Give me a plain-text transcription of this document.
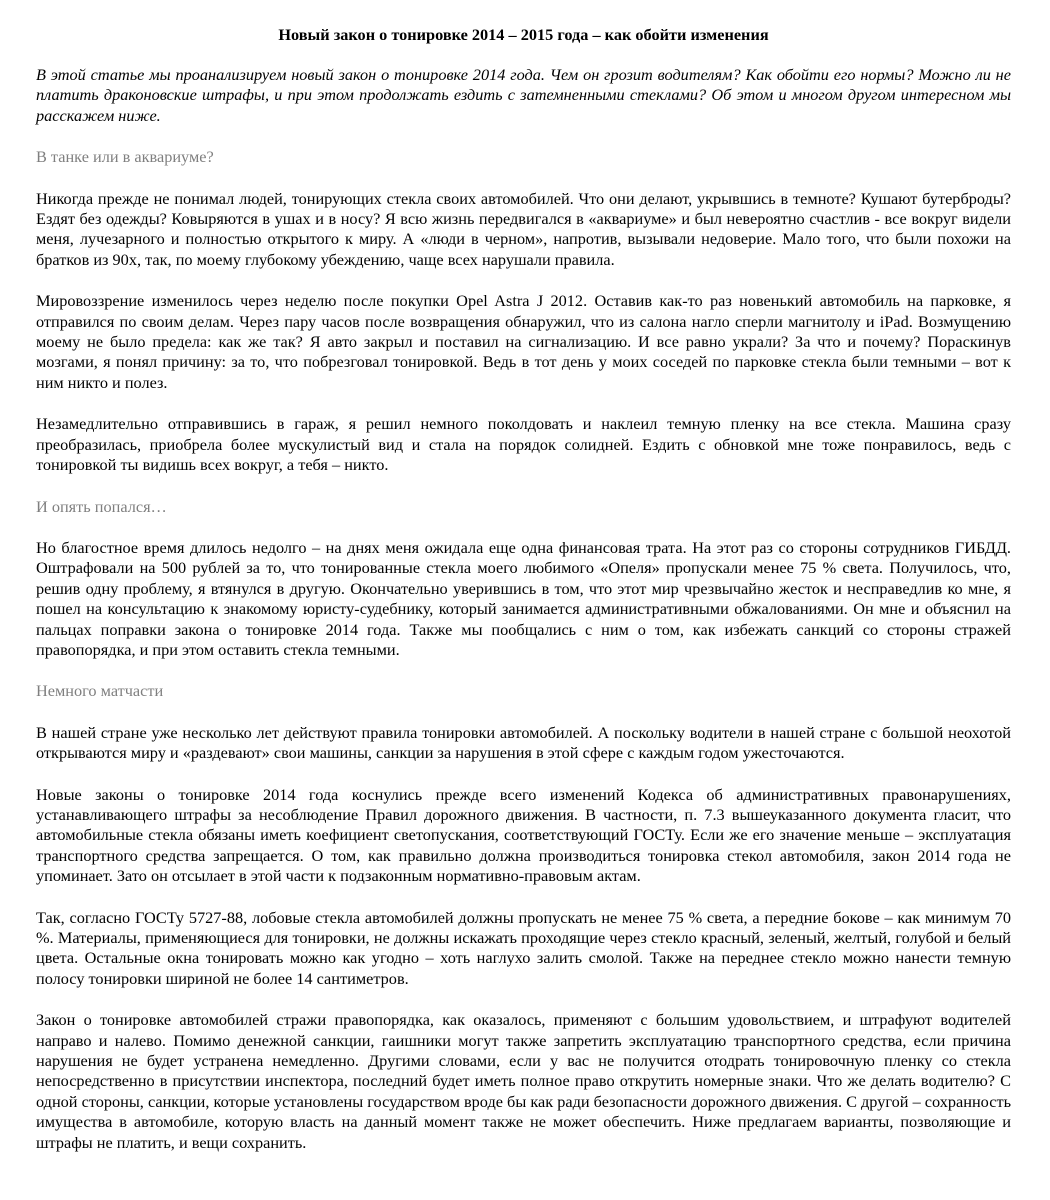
Новый закон о тонировке 2014 – 2015 года – как обойти изменения

В этой статье мы проанализируем новый закон о тонировке 2014 года. Чем он грозит водителям? Как обойти его нормы? Можно ли не платить драконовские штрафы, и при этом продолжать ездить с затемненными стеклами? Об этом и многом другом интересном мы расскажем ниже.

В танке или в аквариуме?

Никогда прежде не понимал людей, тонирующих стекла своих автомобилей. Что они делают, укрывшись в темноте? Кушают бутерброды? Ездят без одежды? Ковыряются в ушах и в носу? Я всю жизнь передвигался в «аквариуме» и был невероятно счастлив - все вокруг видели меня, лучезарного и полностью открытого к миру. А «люди в черном», напротив, вызывали недоверие. Мало того, что были похожи на братков из 90х, так, по моему глубокому убеждению, чаще всех нарушали правила.

Мировоззрение изменилось через неделю после покупки Opel Astra J 2012. Оставив как-то раз новенький автомобиль на парковке, я отправился по своим делам. Через пару часов после возвращения обнаружил, что из салона нагло сперли магнитолу и iPad. Возмущению моему не было предела: как же так? Я авто закрыл и поставил на сигнализацию. И все равно украли? За что и почему? Пораскинув мозгами, я понял причину: за то, что побрезговал тонировкой. Ведь в тот день у моих соседей по парковке стекла были темными – вот к ним никто и полез.

Незамедлительно отправившись в гараж, я решил немного поколдовать и наклеил темную пленку на все стекла. Машина сразу преобразилась, приобрела более мускулистый вид и стала на порядок солидней. Ездить с обновкой мне тоже понравилось, ведь с тонировкой ты видишь всех вокруг, а тебя – никто.

И опять попался…

Но благостное время длилось недолго – на днях меня ожидала еще одна финансовая трата. На этот раз со стороны сотрудников ГИБДД. Оштрафовали на 500 рублей за то, что тонированные стекла моего любимого «Опеля» пропускали менее 75 % света. Получилось, что, решив одну проблему, я втянулся в другую. Окончательно уверившись в том, что этот мир чрезвычайно жесток и несправедлив ко мне, я пошел на консультацию к знакомому юристу-судебнику, который занимается административными обжалованиями. Он мне и объяснил на пальцах поправки закона о тонировке 2014 года. Также мы пообщались с ним о том, как избежать санкций со стороны стражей правопорядка, и при этом оставить стекла темными.

Немного матчасти

В нашей стране уже несколько лет действуют правила тонировки автомобилей. А поскольку водители в нашей стране с большой неохотой открываются миру и «раздевают» свои машины, санкции за нарушения в этой сфере с каждым годом ужесточаются.

Новые законы о тонировке 2014 года коснулись прежде всего изменений Кодекса об административных правонарушениях, устанавливающего штрафы за несоблюдение Правил дорожного движения. В частности, п. 7.3 вышеуказанного документа гласит, что автомобильные стекла обязаны иметь коефициент светопускания, соответствующий ГОСТу. Если же его значение меньше – эксплуатация транспортного средства запрещается. О том, как правильно должна производиться тонировка стекол автомобиля, закон 2014 года не упоминает. Зато он отсылает в этой части к подзаконным нормативно-правовым актам.

Так, согласно ГОСТу 5727-88, лобовые стекла автомобилей должны пропускать не менее 75 % света, а передние бокове – как минимум 70 %. Материалы, применяющиеся для тонировки, не должны искажать проходящие через стекло красный, зеленый, желтый, голубой и белый цвета. Остальные окна тонировать можно как угодно – хоть наглухо залить смолой. Также на переднее стекло можно нанести темную полосу тонировки шириной не более 14 сантиметров.

Закон о тонировке автомобилей стражи правопорядка, как оказалось, применяют с большим удовольствием, и штрафуют водителей направо и налево. Помимо денежной санкции, гаишники могут также запретить эксплуатацию транспортного средства, если причина нарушения не будет устранена немедленно. Другими словами, если у вас не получится отодрать тонировочную пленку со стекла непосредственно в присутствии инспектора, последний будет иметь полное право открутить номерные знаки. Что же делать водителю? С одной стороны, санкции, которые установлены государством вроде бы как ради безопасности дорожного движения. С другой – сохранность имущества в автомобиле, которую власть на данный момент также не может обеспечить. Ниже предлагаем варианты, позволяющие и штрафы не платить, и вещи сохранить.
